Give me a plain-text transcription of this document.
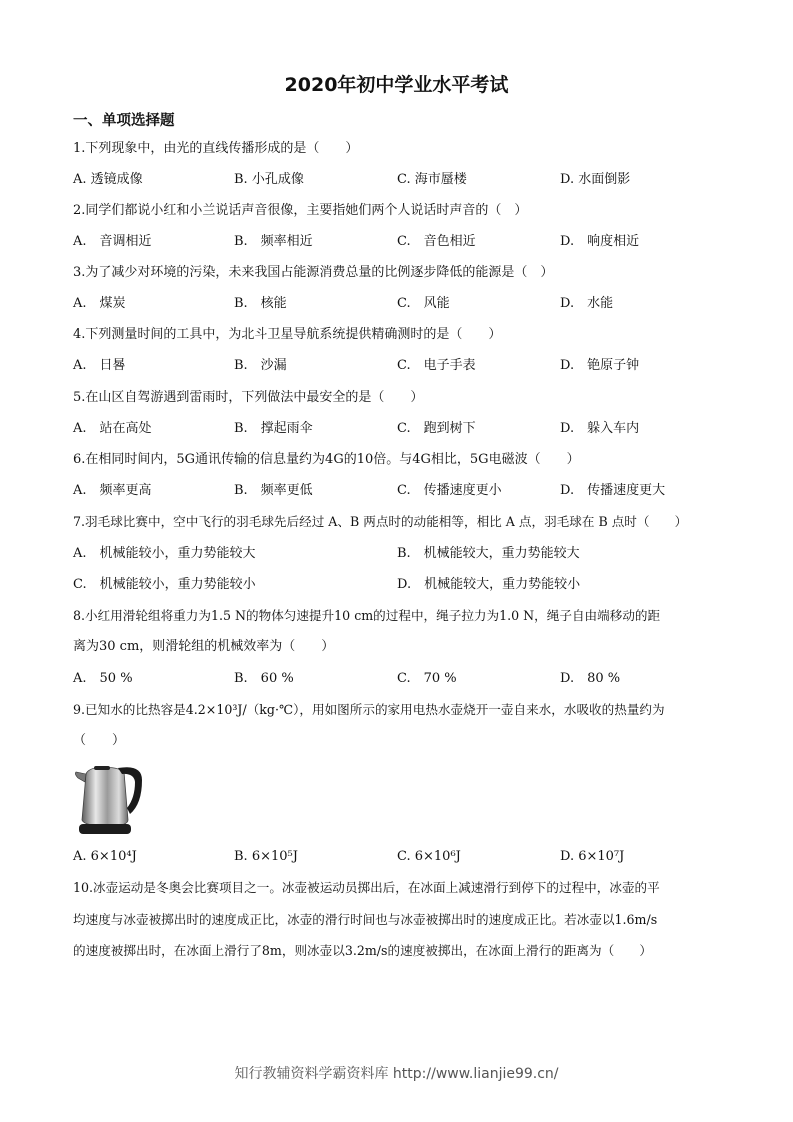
2020年初中学业水平考试
一、单项选择题
1.下列现象中，由光的直线传播形成的是（　　）
A. 透镜成像	B. 小孔成像	C. 海市蜃楼	D. 水面倒影
2.同学们都说小红和小兰说话声音很像，主要指她们两个人说话时声音的（　）
A.　音调相近	B.　频率相近	C.　音色相近	D.　响度相近
3.为了减少对环境的污染，未来我国占能源消费总量的比例逐步降低的能源是（　）
A.　煤炭	B.　核能	C.　风能	D.　水能
4.下列测量时间的工具中，为北斗卫星导航系统提供精确测时的是（　　）
A.　日晷	B.　沙漏	C.　电子手表	D.　铯原子钟
5.在山区自驾游遇到雷雨时，下列做法中最安全的是（　　）
A.　站在高处	B.　撑起雨伞	C.　跑到树下	D.　躲入车内
6.在相同时间内，5G通讯传输的信息量约为4G的10倍。与4G相比，5G电磁波（　　）
A.　频率更高	B.　频率更低	C.　传播速度更小	D.　传播速度更大
7.羽毛球比赛中，空中飞行的羽毛球先后经过 A、B 两点时的动能相等，相比 A 点，羽毛球在 B 点时（　　）
A.　机械能较小，重力势能较大	B.　机械能较大，重力势能较大
C.　机械能较小，重力势能较小	D.　机械能较大，重力势能较小
8.小红用滑轮组将重力为1.5 N的物体匀速提升10 cm的过程中，绳子拉力为1.0 N，绳子自由端移动的距
离为30 cm，则滑轮组的机械效率为（　　）
A.　50 %	B.　60 %	C.　70 %	D.　80 %
9.已知水的比热容是4.2×10³J/（kg·℃），用如图所示的家用电热水壶烧开一壶自来水，水吸收的热量约为
（　　）
A. 6×10⁴J	B. 6×10⁵J	C. 6×10⁶J	D. 6×10⁷J
10.冰壶运动是冬奥会比赛项目之一。冰壶被运动员掷出后，在冰面上减速滑行到停下的过程中，冰壶的平
均速度与冰壶被掷出时的速度成正比，冰壶的滑行时间也与冰壶被掷出时的速度成正比。若冰壶以1.6m/s
的速度被掷出时，在冰面上滑行了8m，则冰壶以3.2m/s的速度被掷出，在冰面上滑行的距离为（　　）
知行教辅资料学霸资料库 http://www.lianjie99.cn/
